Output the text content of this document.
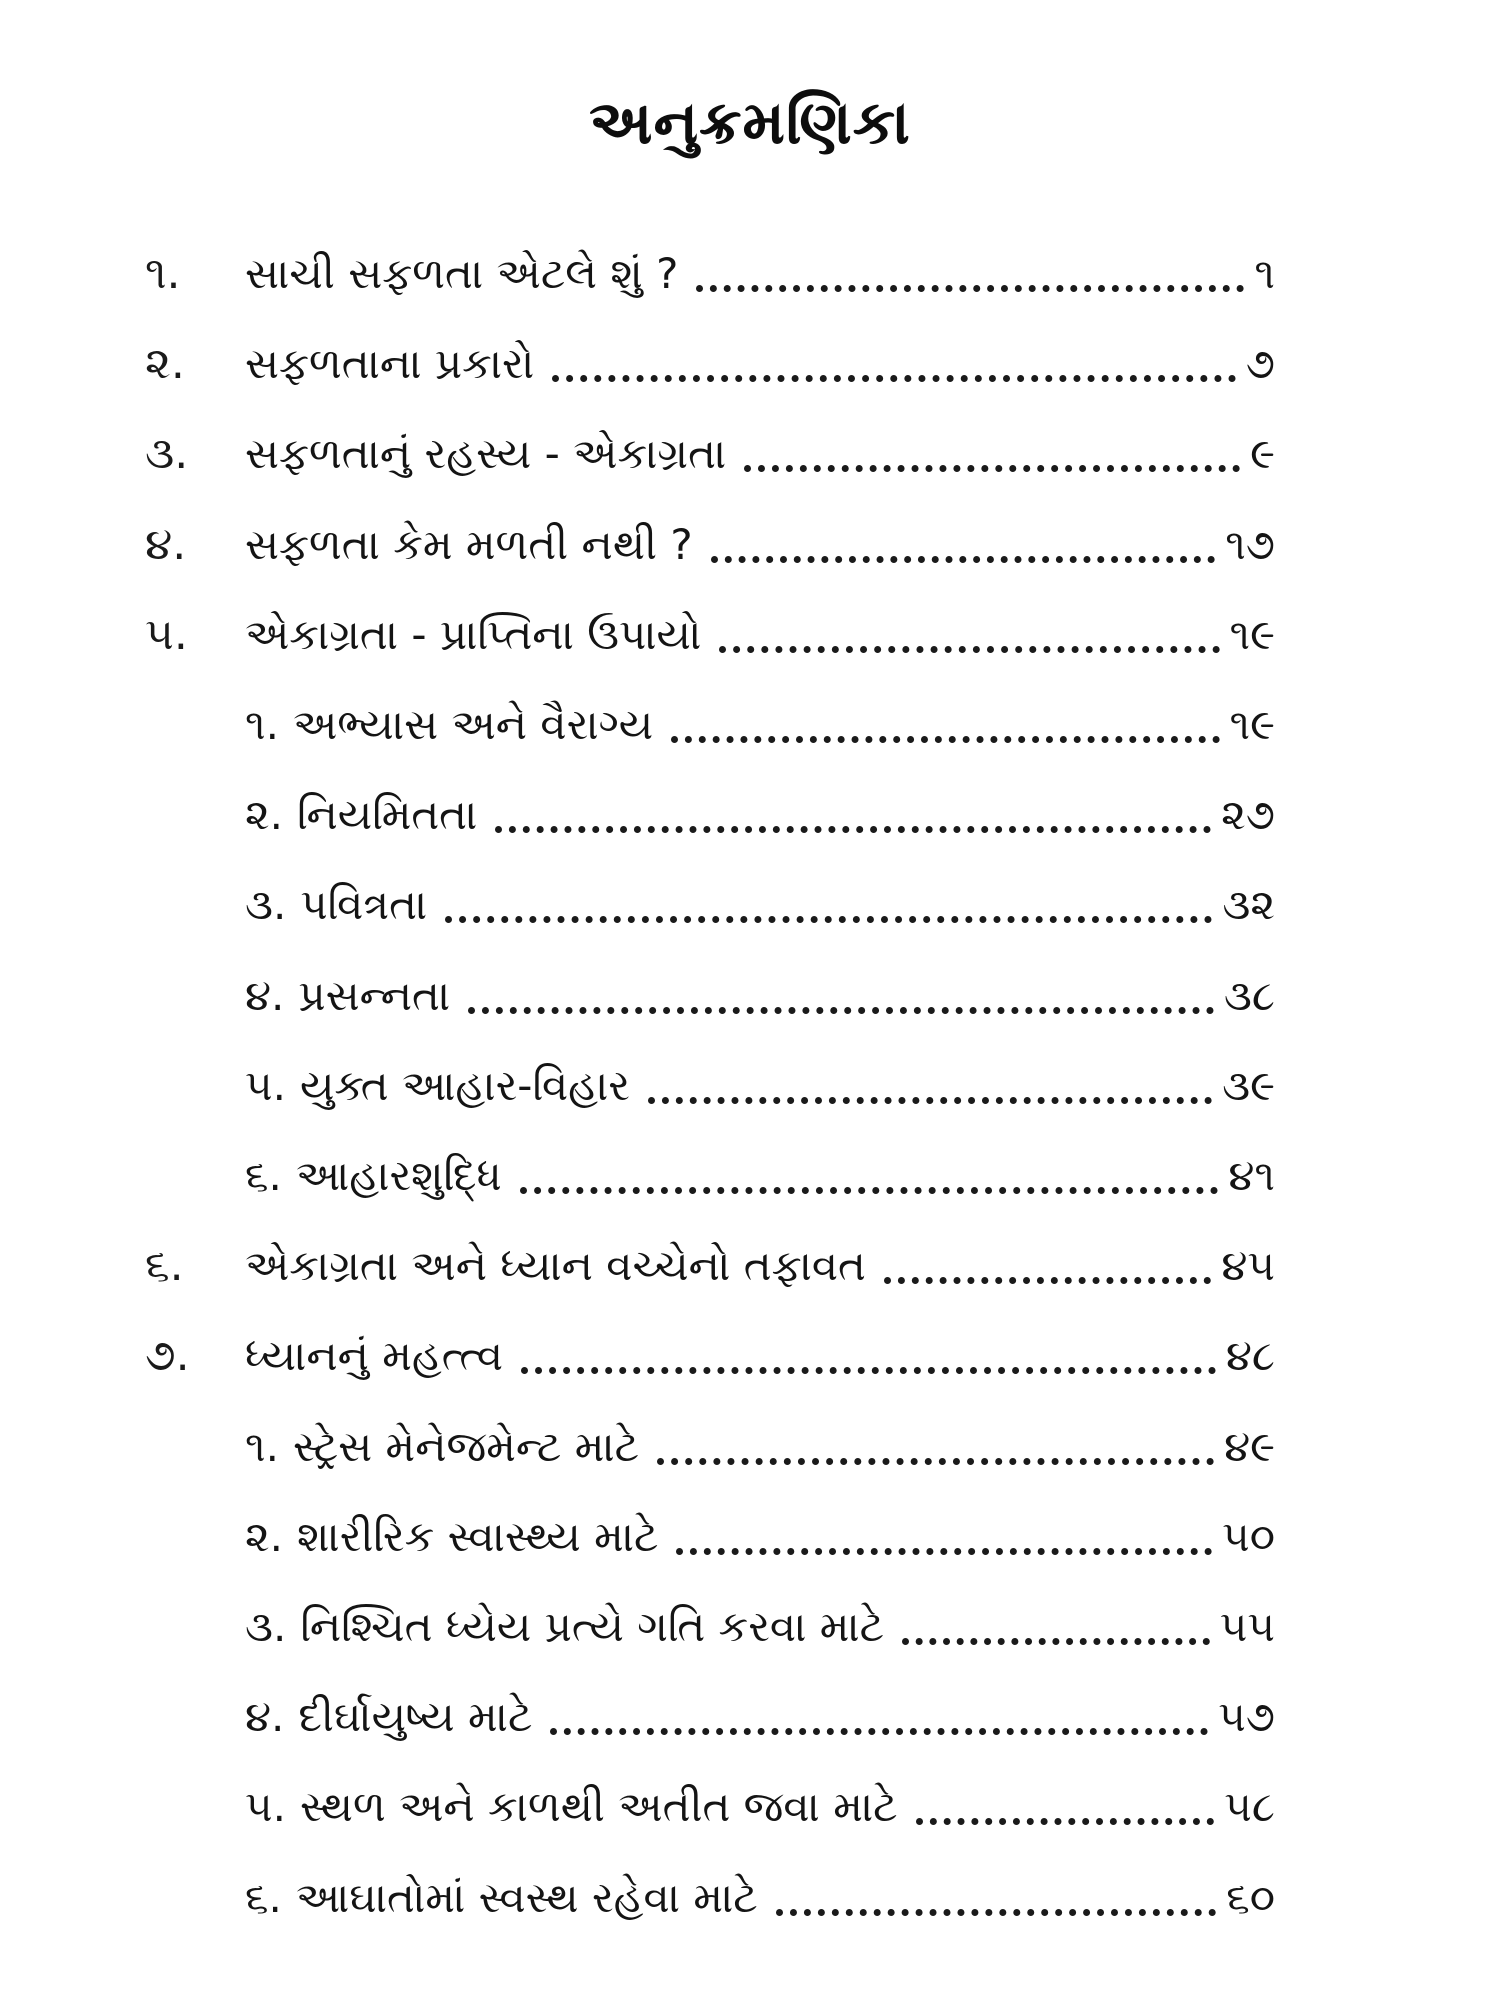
અનુક્રમણિકા
૧. સાચી સફળતા એટલે શું ?	૧
૨. સફળતાના પ્રકારો	૭
૩. સફળતાનું રહસ્ય - એકાગ્રતા	૯
૪. સફળતા કેમ મળતી નથી ?	૧૭
૫. એકાગ્રતા - પ્રાપ્તિના ઉપાયો	૧૯
૧. અભ્યાસ અને વૈરાગ્ય	૧૯
૨. નિયમિતતા	૨૭
૩. પવિત્રતા	૩૨
૪. પ્રસન્નતા	૩૮
૫. યુક્ત આહાર-વિહાર	૩૯
૬. આહારશુદ્ધિ	૪૧
૬. એકાગ્રતા અને ધ્યાન વચ્ચેનો તફાવત	૪૫
૭. ધ્યાનનું મહત્ત્વ	૪૮
૧. સ્ટ્રેસ મેનેજમેન્ટ માટે	૪૯
૨. શારીરિક સ્વાસ્થ્ય માટે	૫૦
૩. નિશ્ચિત ધ્યેય પ્રત્યે ગતિ કરવા માટે	૫૫
૪. દીર્ઘાયુષ્ય માટે	૫૭
૫. સ્થળ અને કાળથી અતીત જવા માટે	૫૮
૬. આઘાતોમાં સ્વસ્થ રહેવા માટે	૬૦
